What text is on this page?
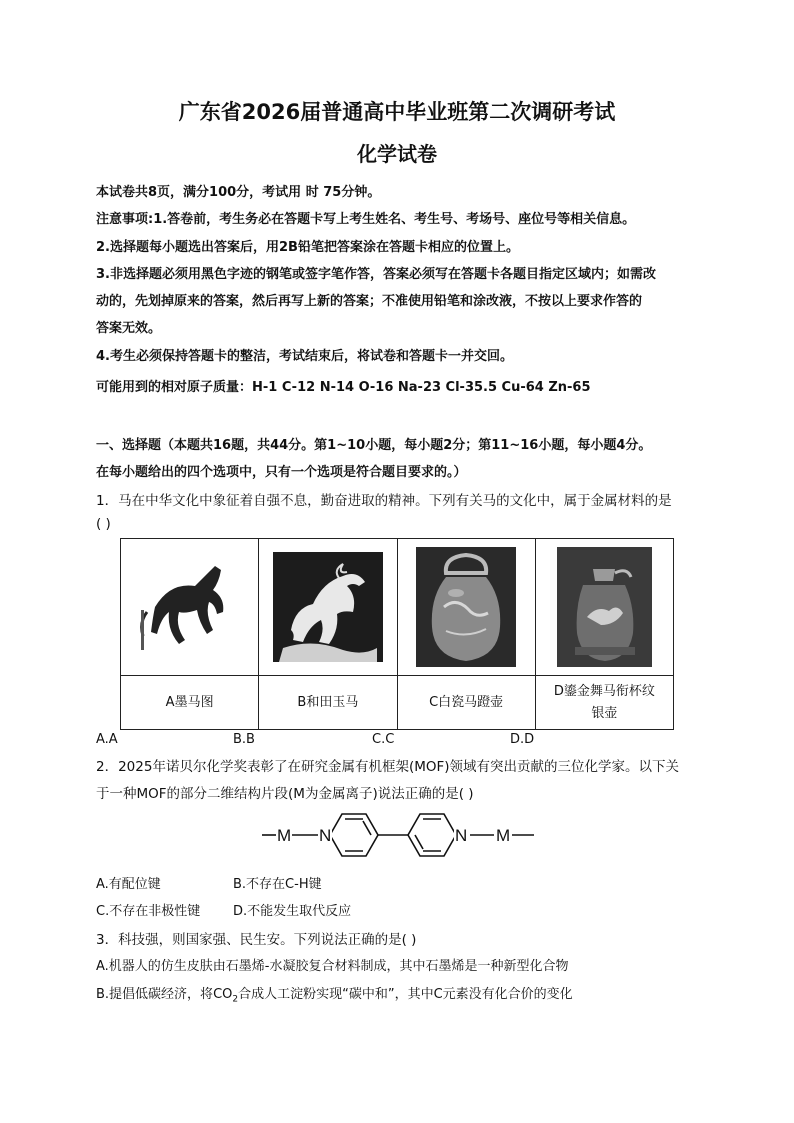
广东省2026届普通高中毕业班第二次调研考试
化学试卷
本试卷共8页，满分100分，考试用 时 75分钟。
注意事项:1.答卷前，考生务必在答题卡写上考生姓名、考生号、考场号、座位号等相关信息。
2.选择题每小题选出答案后，用2B铅笔把答案涂在答题卡相应的位置上。
3.非选择题必须用黑色字迹的钢笔或签字笔作答，答案必须写在答题卡各题目指定区域内；如需改
动的，先划掉原来的答案，然后再写上新的答案；不准使用铅笔和涂改液，不按以上要求作答的
答案无效。
4.考生必须保持答题卡的整洁，考试结束后，将试卷和答题卡一并交回。
可能用到的相对原子质量：H-1 C-12 N-14 O-16 Na-23 Cl-35.5 Cu-64 Zn-65
一、选择题（本题共16题，共44分。第1~10小题，每小题2分；第11~16小题，每小题4分。
在每小题给出的四个选项中，只有一个选项是符合题目要求的。）
1．马在中华文化中象征着自强不息，勤奋进取的精神。下列有关马的文化中，属于金属材料的是
( )

A墨马图	B和田玉马	C白瓷马蹬壶	D鎏金舞马衔杯纹
银壶
A.A	B.B	C.C	D.D
2．2025年诺贝尔化学奖表彰了在研究金属有机框架(MOF)领域有突出贡献的三位化学家。以下关
于一种MOF的部分二维结构片段(M为金属离子)说法正确的是( )
M N	N M
A.有配位键	B.不存在C-H键
C.不存在非极性键	D.不能发生取代反应
3．科技强，则国家强、民生安。下列说法正确的是( )
A.机器人的仿生皮肤由石墨烯-水凝胶复合材料制成，其中石墨烯是一种新型化合物
B.提倡低碳经济，将$CO_2$合成人工淀粉实现“碳中和”，其中C元素没有化合价的变化
